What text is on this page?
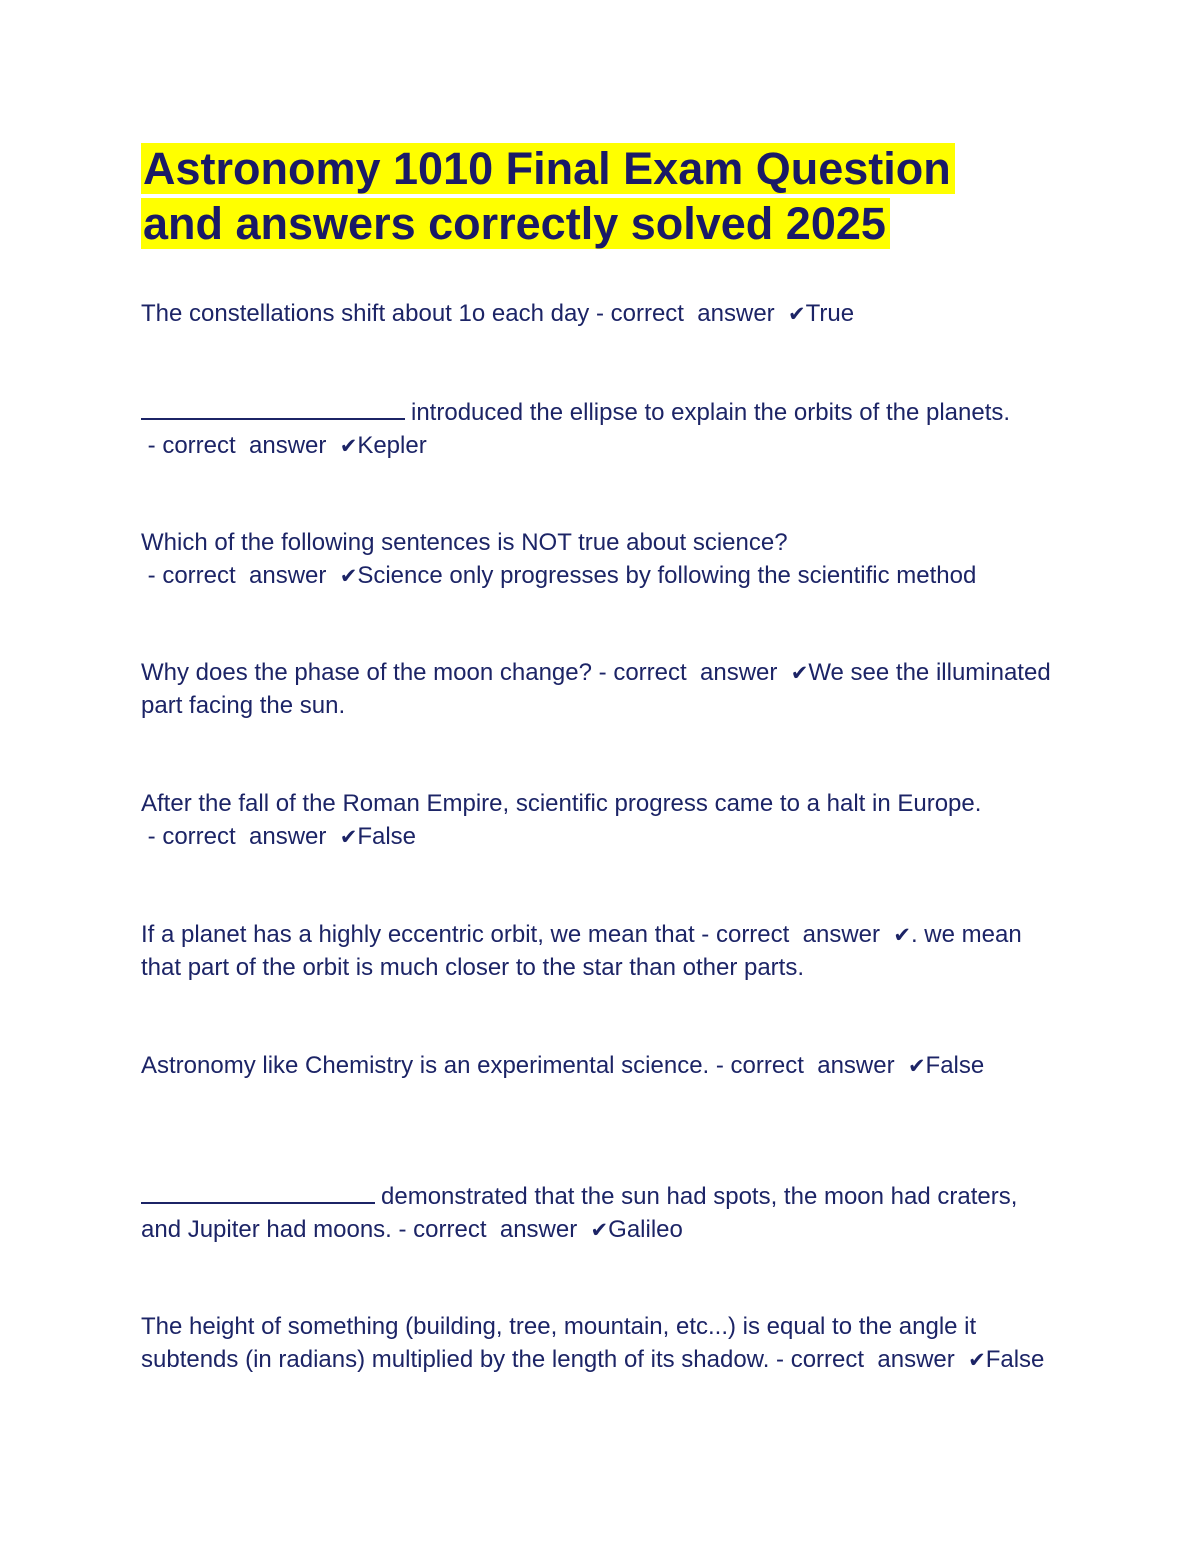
Astronomy 1010 Final Exam Question
and answers correctly solved 2025

The constellations shift about 1o each day - correct  answer  ✔True

introduced the ellipse to explain the orbits of the planets. - correct  answer  ✔Kepler

Which of the following sentences is NOT true about science? - correct  answer  ✔Science only progresses by following the scientific method

Why does the phase of the moon change? - correct  answer  ✔We see the illuminated part facing the sun.

After the fall of the Roman Empire, scientific progress came to a halt in Europe. - correct  answer  ✔False

If a planet has a highly eccentric orbit, we mean that - correct  answer  ✔. we mean that part of the orbit is much closer to the star than other parts.

Astronomy like Chemistry is an experimental science. - correct  answer  ✔False

demonstrated that the sun had spots, the moon had craters, and Jupiter had moons. - correct  answer  ✔Galileo

The height of something (building, tree, mountain, etc...) is equal to the angle it subtends (in radians) multiplied by the length of its shadow. - correct  answer  ✔False
